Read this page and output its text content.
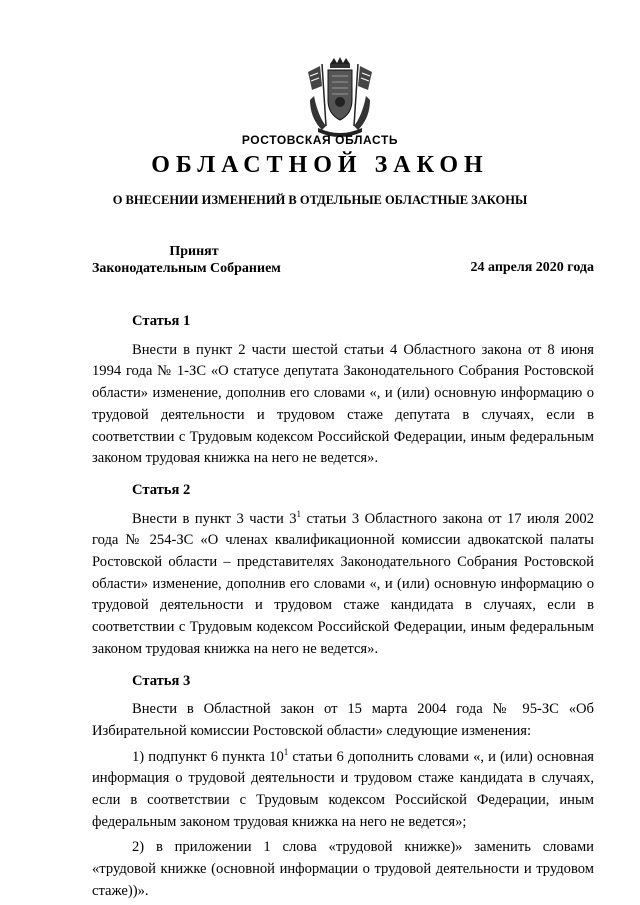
РОСТОВСКАЯ ОБЛАСТЬ
ОБЛАСТНОЙ ЗАКОН
О ВНЕСЕНИИ ИЗМЕНЕНИЙ В ОТДЕЛЬНЫЕ ОБЛАСТНЫЕ ЗАКОНЫ
Принят
Законодательным Собранием	24 апреля 2020 года
Статья 1

Внести в пункт 2 части шестой статьи 4 Областного закона от 8 июня 1994 года № 1-ЗС «О статусе депутата Законодательного Собрания Ростовской области» изменение, дополнив его словами «, и (или) основную информацию о трудовой деятельности и трудовом стаже депутата в случаях, если в соответствии с Трудовым кодексом Российской Федерации, иным федеральным законом трудовая книжка на него не ведется».

Статья 2

Внести в пункт 3 части $3^1$ статьи 3 Областного закона от 17 июля 2002 года № 254-ЗС «О членах квалификационной комиссии адвокатской палаты Ростовской области – представителях Законодательного Собрания Ростовской области» изменение, дополнив его словами «, и (или) основную информацию о трудовой деятельности и трудовом стаже кандидата в случаях, если в соответствии с Трудовым кодексом Российской Федерации, иным федеральным законом трудовая книжка на него не ведется».

Статья 3

Внести в Областной закон от 15 марта 2004 года № 95-ЗС «Об Избирательной комиссии Ростовской области» следующие изменения:

1) подпункт 6 пункта $10^1$ статьи 6 дополнить словами «, и (или) основная информация о трудовой деятельности и трудовом стаже кандидата в случаях, если в соответствии с Трудовым кодексом Российской Федерации, иным федеральным законом трудовая книжка на него не ведется»;

2) в приложении 1 слова «трудовой книжке)» заменить словами «трудовой книжке (основной информации о трудовой деятельности и трудовом стаже))».
